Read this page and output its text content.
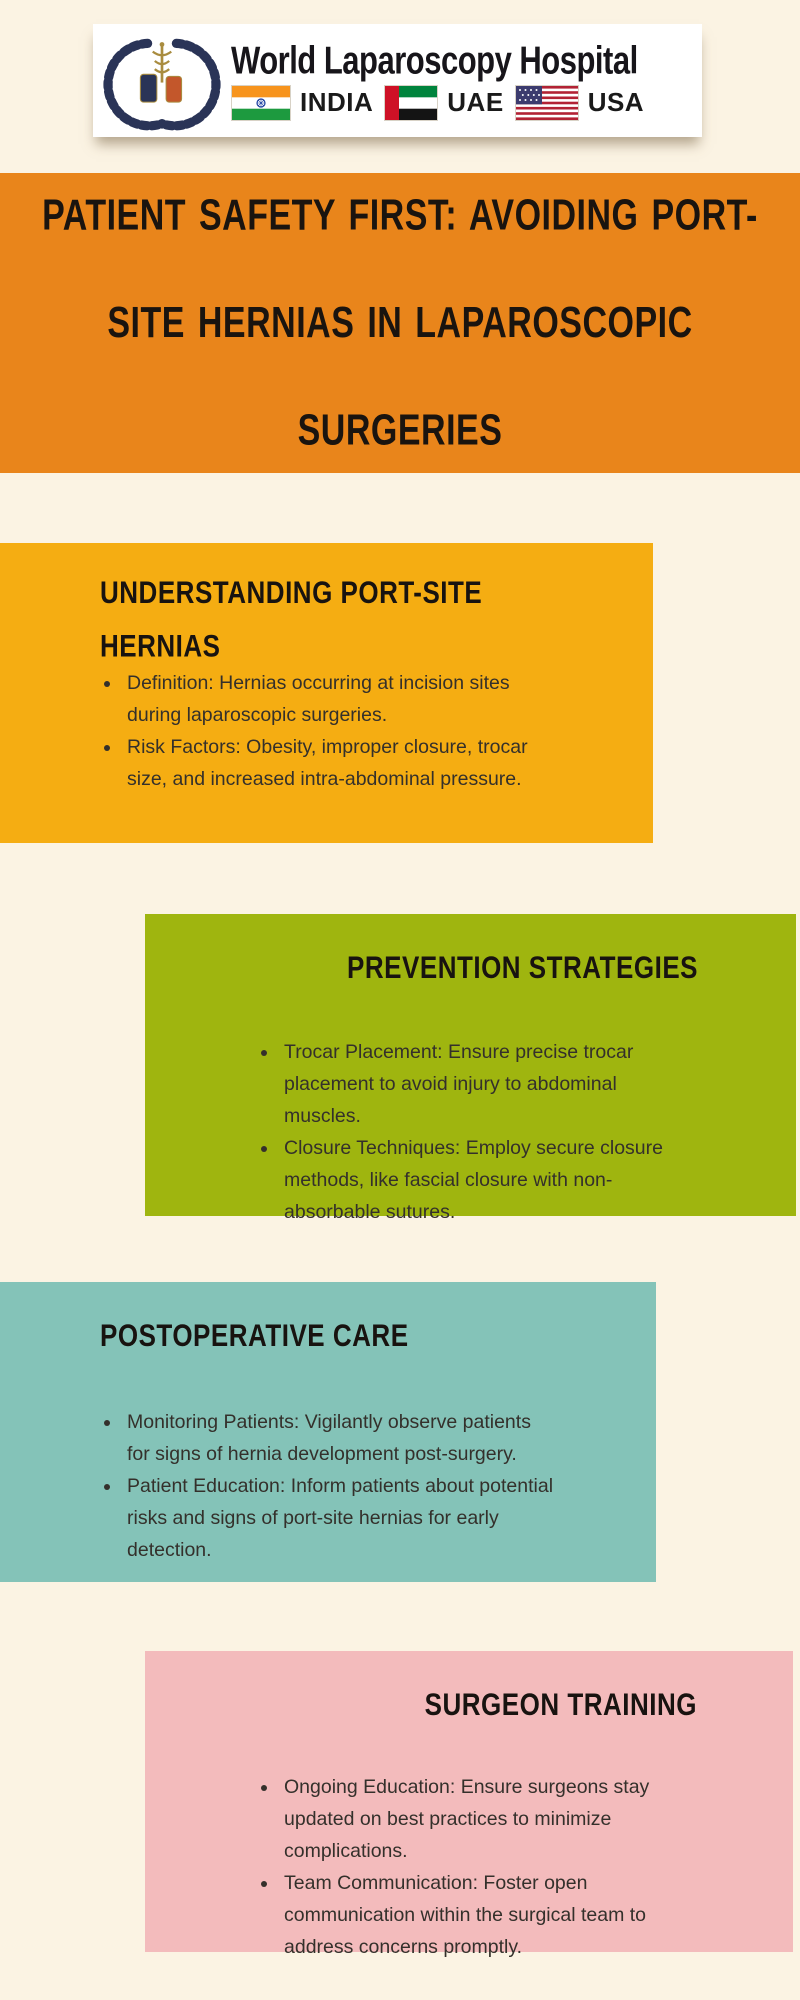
World Laparoscopy Hospital
INDIA	UAE	USA
PATIENT SAFETY FIRST: AVOIDING PORT-SITE HERNIAS IN LAPAROSCOPIC SURGERIES
UNDERSTANDING PORT-SITE HERNIAS
• Definition: Hernias occurring at incision sites during laparoscopic surgeries.
• Risk Factors: Obesity, improper closure, trocar size, and increased intra-abdominal pressure.
PREVENTION STRATEGIES
• Trocar Placement: Ensure precise trocar placement to avoid injury to abdominal muscles.
• Closure Techniques: Employ secure closure methods, like fascial closure with non-absorbable sutures.
POSTOPERATIVE CARE
• Monitoring Patients: Vigilantly observe patients for signs of hernia development post-surgery.
• Patient Education: Inform patients about potential risks and signs of port-site hernias for early detection.
SURGEON TRAINING
• Ongoing Education: Ensure surgeons stay updated on best practices to minimize complications.
• Team Communication: Foster open communication within the surgical team to address concerns promptly.
